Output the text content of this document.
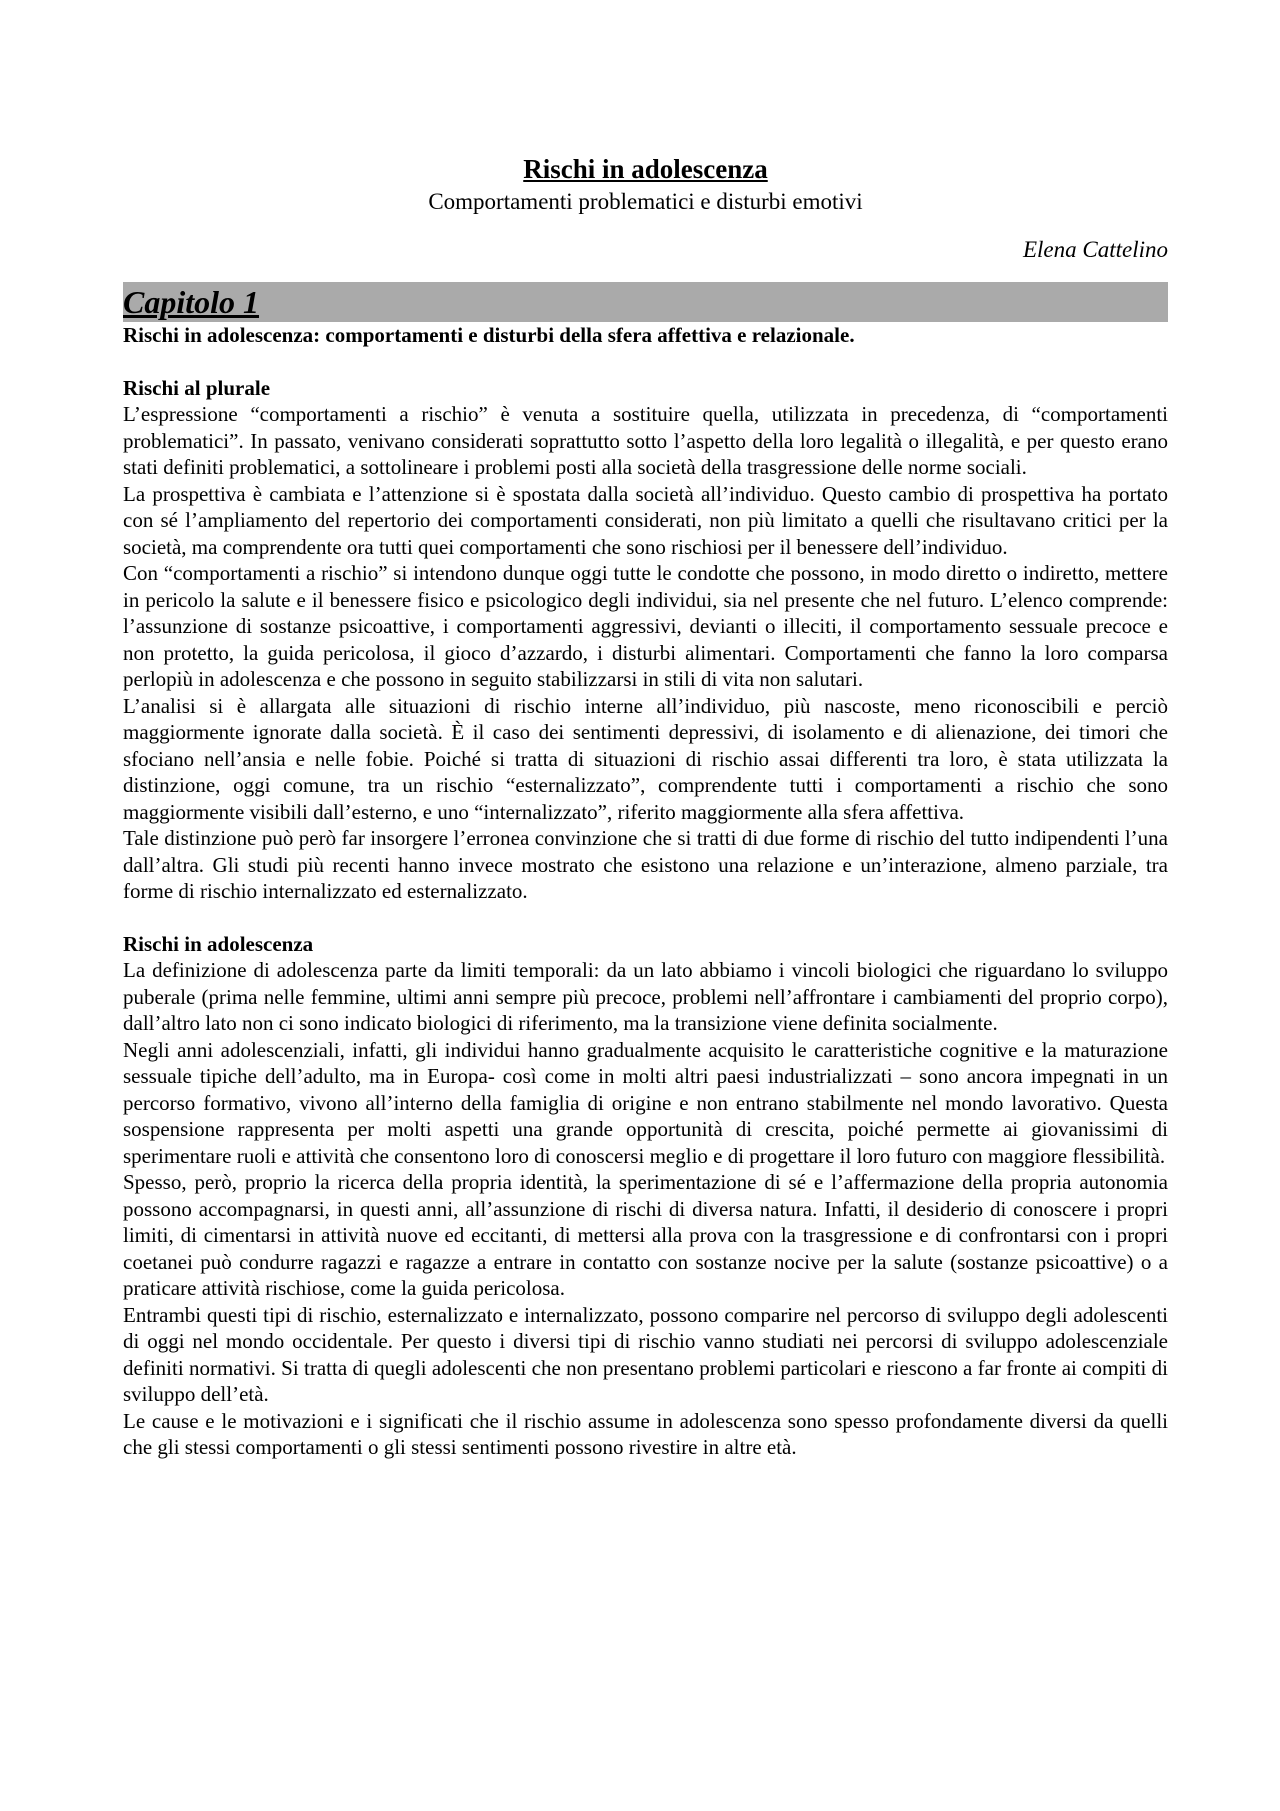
Rischi in adolescenza

Comportamenti problematici e disturbi emotivi

Elena Cattelino

Capitolo 1

Rischi in adolescenza: comportamenti e disturbi della sfera affettiva e relazionale.

Rischi al plurale

L’espressione “comportamenti a rischio” è venuta a sostituire quella, utilizzata in precedenza, di “comportamenti problematici”. In passato, venivano considerati soprattutto sotto l’aspetto della loro legalità o illegalità, e per questo erano stati definiti problematici, a sottolineare i problemi posti alla società della trasgressione delle norme sociali.

La prospettiva è cambiata e l’attenzione si è spostata dalla società all’individuo. Questo cambio di prospettiva ha portato con sé l’ampliamento del repertorio dei comportamenti considerati, non più limitato a quelli che risultavano critici per la società, ma comprendente ora tutti quei comportamenti che sono rischiosi per il benessere dell’individuo.

Con “comportamenti a rischio” si intendono dunque oggi tutte le condotte che possono, in modo diretto o indiretto, mettere in pericolo la salute e il benessere fisico e psicologico degli individui, sia nel presente che nel futuro. L’elenco comprende: l’assunzione di sostanze psicoattive, i comportamenti aggressivi, devianti o illeciti, il comportamento sessuale precoce e non protetto, la guida pericolosa, il gioco d’azzardo, i disturbi alimentari. Comportamenti che fanno la loro comparsa perlopiù in adolescenza e che possono in seguito stabilizzarsi in stili di vita non salutari.

L’analisi si è allargata alle situazioni di rischio interne all’individuo, più nascoste, meno riconoscibili e perciò maggiormente ignorate dalla società. È il caso dei sentimenti depressivi, di isolamento e di alienazione, dei timori che sfociano nell’ansia e nelle fobie. Poiché si tratta di situazioni di rischio assai differenti tra loro, è stata utilizzata la distinzione, oggi comune, tra un rischio “esternalizzato”, comprendente tutti i comportamenti a rischio che sono maggiormente visibili dall’esterno, e uno “internalizzato”, riferito maggiormente alla sfera affettiva.

Tale distinzione può però far insorgere l’erronea convinzione che si tratti di due forme di rischio del tutto indipendenti l’una dall’altra. Gli studi più recenti hanno invece mostrato che esistono una relazione e un’interazione, almeno parziale, tra forme di rischio internalizzato ed esternalizzato.

Rischi in adolescenza

La definizione di adolescenza parte da limiti temporali: da un lato abbiamo i vincoli biologici che riguardano lo sviluppo puberale (prima nelle femmine, ultimi anni sempre più precoce, problemi nell’affrontare i cambiamenti del proprio corpo), dall’altro lato non ci sono indicato biologici di riferimento, ma la transizione viene definita socialmente.

Negli anni adolescenziali, infatti, gli individui hanno gradualmente acquisito le caratteristiche cognitive e la maturazione sessuale tipiche dell’adulto, ma in Europa- così come in molti altri paesi industrializzati – sono ancora impegnati in un percorso formativo, vivono all’interno della famiglia di origine e non entrano stabilmente nel mondo lavorativo. Questa sospensione rappresenta per molti aspetti una grande opportunità di crescita, poiché permette ai giovanissimi di sperimentare ruoli e attività che consentono loro di conoscersi meglio e di progettare il loro futuro con maggiore flessibilità.

Spesso, però, proprio la ricerca della propria identità, la sperimentazione di sé e l’affermazione della propria autonomia possono accompagnarsi, in questi anni, all’assunzione di rischi di diversa natura. Infatti, il desiderio di conoscere i propri limiti, di cimentarsi in attività nuove ed eccitanti, di mettersi alla prova con la trasgressione e di confrontarsi con i propri coetanei può condurre ragazzi e ragazze a entrare in contatto con sostanze nocive per la salute (sostanze psicoattive) o a praticare attività rischiose, come la guida pericolosa.

Entrambi questi tipi di rischio, esternalizzato e internalizzato, possono comparire nel percorso di sviluppo degli adolescenti di oggi nel mondo occidentale. Per questo i diversi tipi di rischio vanno studiati nei percorsi di sviluppo adolescenziale definiti normativi. Si tratta di quegli adolescenti che non presentano problemi particolari e riescono a far fronte ai compiti di sviluppo dell’età.

Le cause e le motivazioni e i significati che il rischio assume in adolescenza sono spesso profondamente diversi da quelli che gli stessi comportamenti o gli stessi sentimenti possono rivestire in altre età.
